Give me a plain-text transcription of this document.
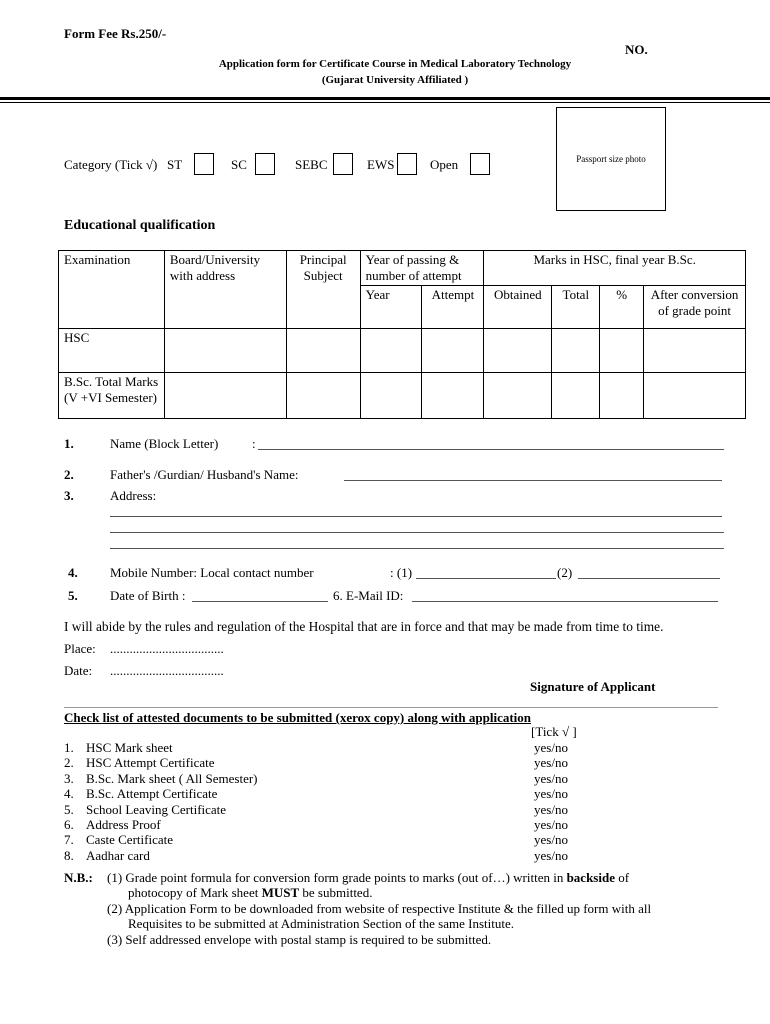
Form Fee Rs.250/-
NO.
Application form for Certificate Course in Medical Laboratory Technology
(Gujarat University Affiliated )
Category (Tick √) ST	SC	SEBC	EWS	Open	Passport size photo
Educational qualification
Examination	Board/University with address	Principal Subject	Year of passing & number of attempt		Marks in HSC, final year B.Sc.			
			Year	Attempt	Obtained	Total	%	After conversion of grade point
HSC								
B.Sc. Total Marks (V +VI Semester)								
1.	Name (Block Letter)	:
2.	Father's /Gurdian/ Husband's Name:
3.	Address:
4. Mobile Number: Local contact number	: (1)	(2)
5. Date of Birth :	6. E-Mail ID:
I will abide by the rules and regulation of the Hospital that are in force and that may be made from time to time.
Place: ...................................
Date: ...................................
Signature of Applicant
Check list of attested documents to be submitted (xerox copy) along with application
[Tick √ ]
1. HSC Mark sheet	yes/no
2. HSC Attempt Certificate	yes/no
3. B.Sc. Mark sheet ( All Semester)	yes/no
4. B.Sc. Attempt Certificate	yes/no
5. School Leaving Certificate	yes/no
6. Address Proof	yes/no
7. Caste Certificate	yes/no
8. Aadhar card	yes/no
N.B.: (1) Grade point formula for conversion form grade points to marks (out of…) written in backside of
photocopy of Mark sheet MUST be submitted.
(2) Application Form to be downloaded from website of respective Institute & the filled up form with all
Requisites to be submitted at Administration Section of the same Institute.
(3) Self addressed envelope with postal stamp is required to be submitted.
